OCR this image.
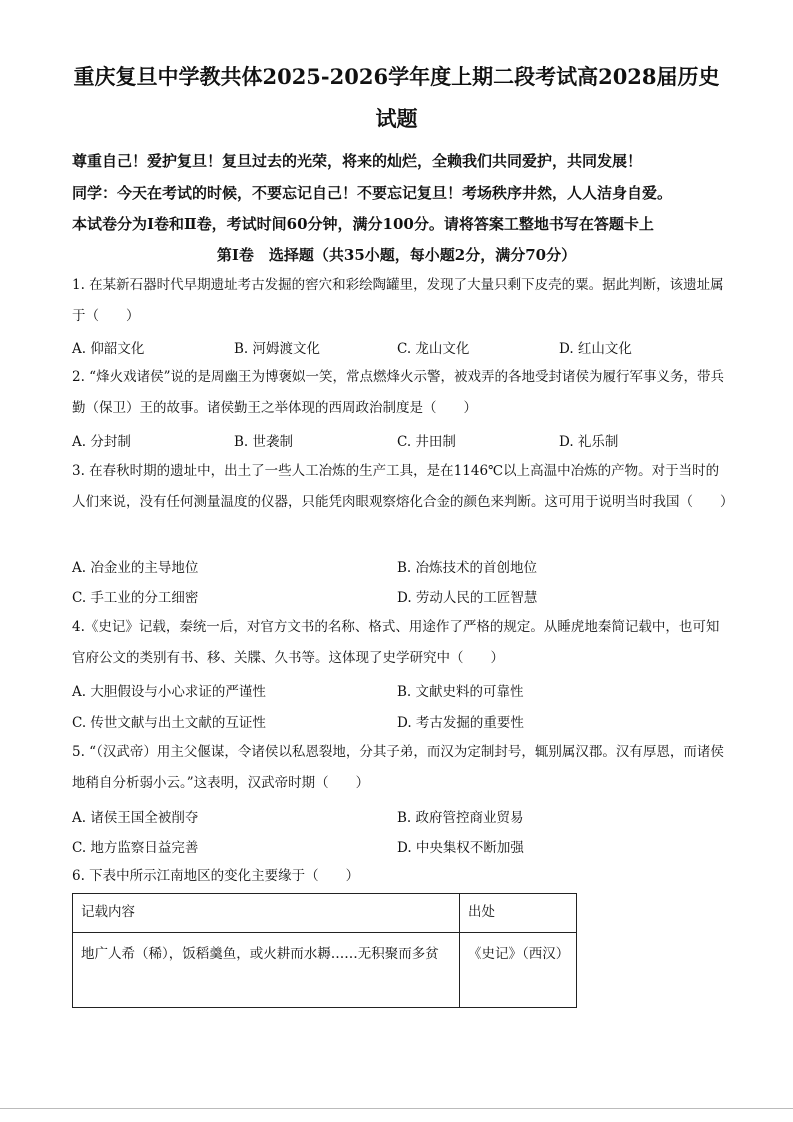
重庆复旦中学教共体2025-2026学年度上期二段考试高2028届历史
试题
尊重自己！爱护复旦！复旦过去的光荣，将来的灿烂，全赖我们共同爱护，共同发展！
同学：今天在考试的时候，不要忘记自己！不要忘记复旦！考场秩序井然，人人洁身自爱。
本试卷分为Ⅰ卷和Ⅱ卷，考试时间60分钟，满分100分。请将答案工整地书写在答题卡上
第Ⅰ卷　选择题（共35小题，每小题2分，满分70分）
1. 在某新石器时代早期遗址考古发掘的窖穴和彩绘陶罐里，发现了大量只剩下皮壳的粟。据此判断，该遗址属于（　　）
A. 仰韶文化	B. 河姆渡文化	C. 龙山文化	D. 红山文化
2. “烽火戏诸侯”说的是周幽王为博褒姒一笑，常点燃烽火示警，被戏弄的各地受封诸侯为履行军事义务，带兵勤（保卫）王的故事。诸侯勤王之举体现的西周政治制度是（　　）
A. 分封制	B. 世袭制	C. 井田制	D. 礼乐制
3. 在春秋时期的遗址中，出土了一些人工冶炼的生产工具，是在1146℃以上高温中冶炼的产物。对于当时的人们来说，没有任何测量温度的仪器，只能凭肉眼观察熔化合金的颜色来判断。这可用于说明当时我国（　　）
A. 冶金业的主导地位	B. 冶炼技术的首创地位
C. 手工业的分工细密	D. 劳动人民的工匠智慧
4.《史记》记载，秦统一后，对官方文书的名称、格式、用途作了严格的规定。从睡虎地秦简记载中，也可知官府公文的类别有书、移、关牒、久书等。这体现了史学研究中（　　）
A. 大胆假设与小心求证的严谨性	B. 文献史料的可靠性
C. 传世文献与出土文献的互证性	D. 考古发掘的重要性
5. “（汉武帝）用主父偃谋，令诸侯以私恩裂地，分其子弟，而汉为定制封号，辄别属汉郡。汉有厚恩，而诸侯地稍自分析弱小云。”这表明，汉武帝时期（　　）
A. 诸侯王国全被削夺	B. 政府管控商业贸易
C. 地方监察日益完善	D. 中央集权不断加强
6. 下表中所示江南地区的变化主要缘于（　　）
记载内容	出处
地广人希（稀），饭稻羹鱼，或火耕而水耨……无积聚而多贫	《史记》（西汉）
